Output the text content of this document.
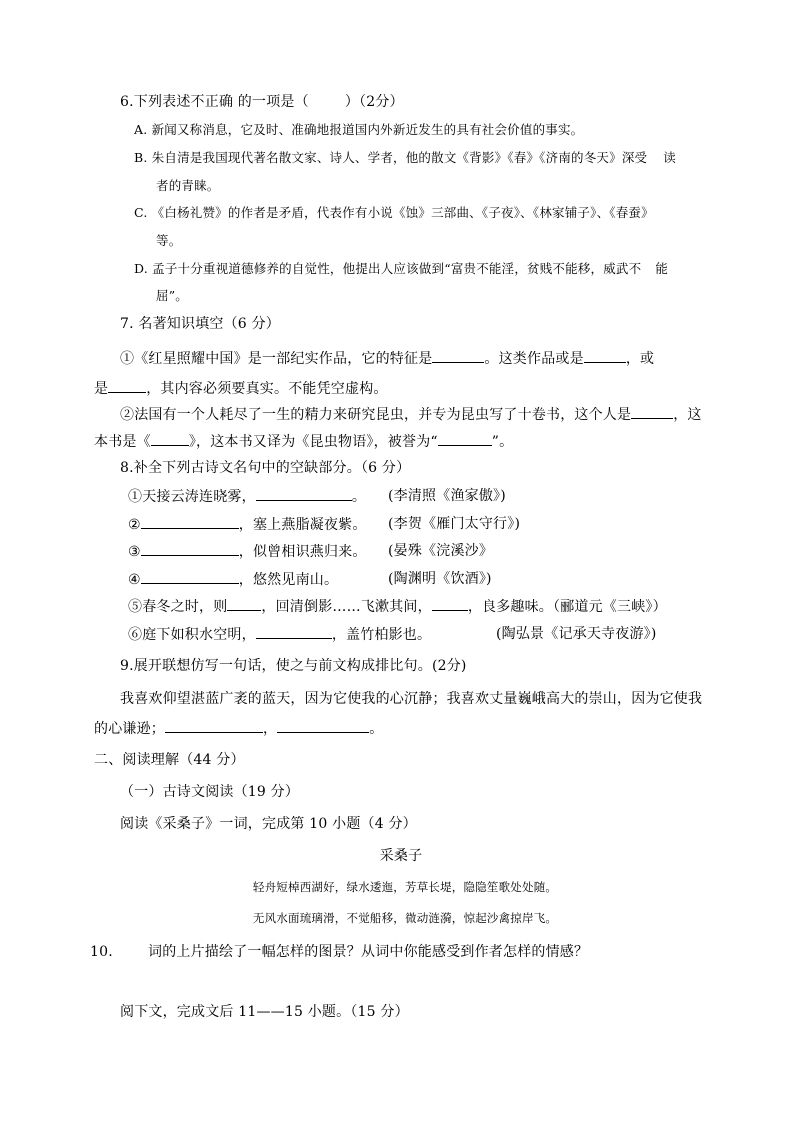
6.下列表述不正确 的一项是（	）（2分）
A. 新闻又称消息，它及时、准确地报道国内外新近发生的具有社会价值的事实。
B. 朱自清是我国现代著名散文家、诗人、学者，他的散文《背影》《春》《济南的冬天》深受 读
者的青睐。
C. 《白杨礼赞》的作者是矛盾，代表作有小说《蚀》三部曲、《子夜》、《林家铺子》、《春蚕》
等。
D. 孟子十分重视道德修养的自觉性，他提出人应该做到“富贵不能淫，贫贱不能移，威武不 能
屈”。
7. 名著知识填空（6 分）
①《红星照耀中国》是一部纪实作品，它的特征是	。这类作品或是	，或
是	，其内容必须要真实。不能凭空虚构。
②法国有一个人耗尽了一生的精力来研究昆虫，并专为昆虫写了十卷书，这个人是	，这
本书是《	》，这本书又译为《昆虫物语》，被誉为“	”。
8.补全下列古诗文名句中的空缺部分。（6 分）
①天接云涛连晓雾，	。 (李清照《渔家傲》)
②	，塞上燕脂凝夜紫。 (李贺《雁门太守行》)
③	，似曾相识燕归来。 (晏殊《浣溪沙》
④	，悠然见南山。	(陶渊明《饮酒》)
⑤春冬之时，则 ，回清倒影……飞漱其间，	，良多趣味。（郦道元《三峡》）
⑥庭下如积水空明，	，盖竹柏影也。	(陶弘景《记承天寺夜游》)
9.展开联想仿写一句话，使之与前文构成排比句。(2分)
我喜欢仰望湛蓝广袤的蓝天，因为它使我的心沉静；我喜欢丈量巍峨高大的崇山，因为它使我
的心谦逊；	，	。
二、阅读理解（44 分）
（一）古诗文阅读（19 分）
阅读《采桑子》一词，完成第 10 小题（4 分）
采桑子
轻舟短棹西湖好，绿水逶迤，芳草长堤，隐隐笙歌处处随。
无风水面琉璃滑，不觉船移，微动涟漪，惊起沙禽掠岸飞。
10.	词的上片描绘了一幅怎样的图景？从词中你能感受到作者怎样的情感？
阅下文，完成文后 11——15 小题。（15 分）
